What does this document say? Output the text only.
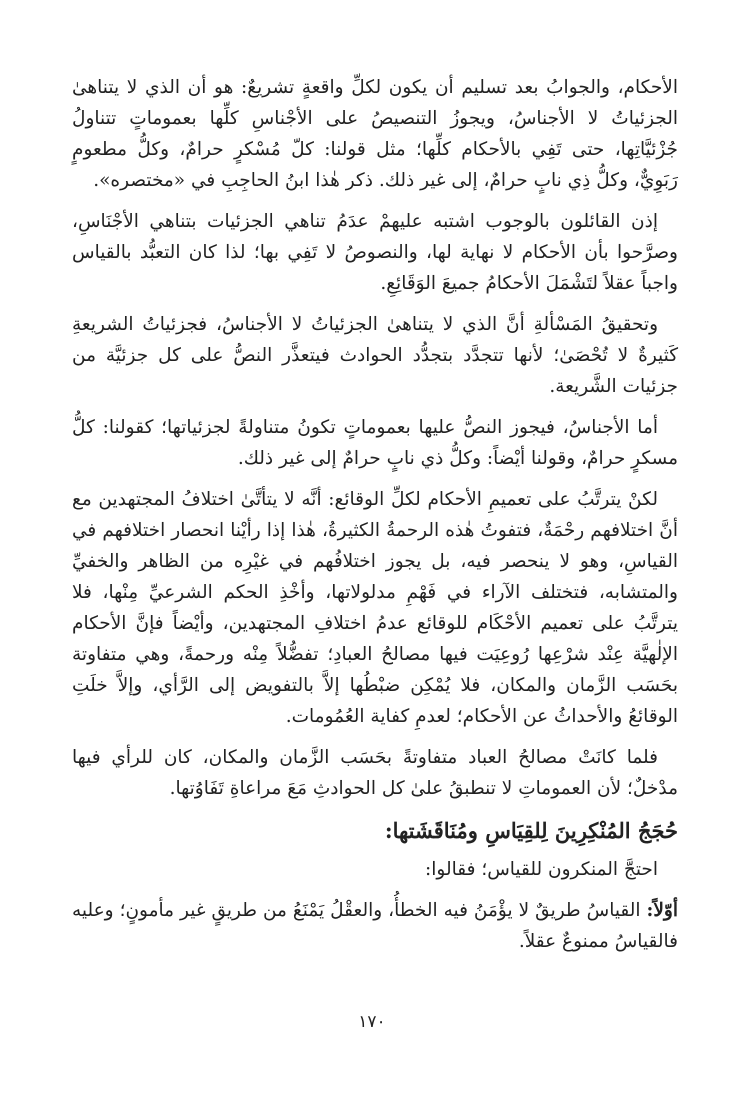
الأحكام، والجوابُ بعد تسليم أن يكون لكلِّ واقعةٍ تشريعٌ: هو أن الذي لا يتناهىٰ الجزئياتُ لا الأجناسُ، ويجوزُ التنصيصُ على الأجْناسِ كلِّها بعموماتٍ تتناولُ جُزْئيَّاتِها، حتى تَفِي بالأحكام كلِّها؛ مثل قولنا: كلّ مُسْكرٍ حرامٌ، وكلُّ مطعومٍ رَبَوِيٌّ، وكلُّ ذِي نابٍ حرامٌ، إلى غير ذلك. ذكر هٰذا ابنُ الحاجِبِ في «مختصره».

إذن القائلون بالوجوب اشتبه عليهمْ عدَمُ تناهي الجزئيات بتناهي الأجْنَاسِ، وصرَّحوا بأن الأحكام لا نهاية لها، والنصوصُ لا تَفِي بها؛ لذا كان التعبُّد بالقياس واجباً عقلاً لتَشْمَلَ الأحكامُ جميعَ الوَقَائِعِ.

وتحقيقُ المَسْألةِ أنَّ الذي لا يتناهىٰ الجزئياتُ لا الأجناسُ، فجزئياتُ الشريعةِ كَثيرةٌ لا تُحْصَىٰ؛ لأنها تتجدَّد بتجدُّد الحوادث فيتعذَّر النصُّ على كل جزئيَّة من جزئيات الشَّريعة.

أما الأجناسُ، فيجوز النصُّ عليها بعموماتٍ تكونُ متناولةً لجزئياتها؛ كقولنا: كلُّ مسكرٍ حرامٌ، وقولنا أيْضاً: وكلُّ ذي نابٍ حرامٌ إلى غير ذلك.

لكنْ يترتَّبُ على تعميمِ الأحكام لكلِّ الوقائع: أنَّه لا يتأتَّىٰ اختلافُ المجتهدين مع أنَّ اختلافهم رحْمَةٌ، فتفوتُ هٰذه الرحمةُ الكثيرةُ، هٰذا إذا رأيْنا انحصار اختلافهم في القياسِ، وهو لا ينحصر فيه، بل يجوز اختلافُهم في غيْرِه من الظاهر والخفيِّ والمتشابه، فتختلف الآراء في فَهْمِ مدلولاتها، وأخْذِ الحكم الشرعيِّ مِنْها، فلا يترتَّبُ على تعميم الأحْكَام للوقائع عدمُ اختلافِ المجتهدين، وأيْضاً فإنَّ الأحكام الإلٰهيَّة عِنْد شرْعِها رُوعِيَت فيها مصالحُ العبادِ؛ تفضُّلاً مِنْه ورحمةً، وهي متفاوتة بحَسَب الزَّمان والمكان، فلا يُمْكِن ضبْطُها إلاَّ بالتفويض إلى الرَّأي، وإلاَّ خلَتِ الوقائعُ والأحداثُ عن الأحكام؛ لعدمِ كفاية العُمُومات.

فلما كانَتْ مصالحُ العباد متفاوتةً بحَسَب الزَّمان والمكان، كان للرأي فيها مدْخلٌ؛ لأن العموماتِ لا تنطبقُ علىٰ كل الحوادثِ مَعَ مراعاةِ تَفَاوُتها.

حُجَجُ المُنْكِرِينَ لِلقِيَاسِ ومُنَاقَشَتها:

احتجَّ المنكرون للقياس؛ فقالوا:

أوّلاً: القياسُ طريقٌ لا يؤْمَنُ فيه الخطأُ، والعقْلُ يَمْنَعُ من طريقٍ غير مأمونٍ؛ وعليه فالقياسُ ممنوعٌ عقلاً.

١٧٠
